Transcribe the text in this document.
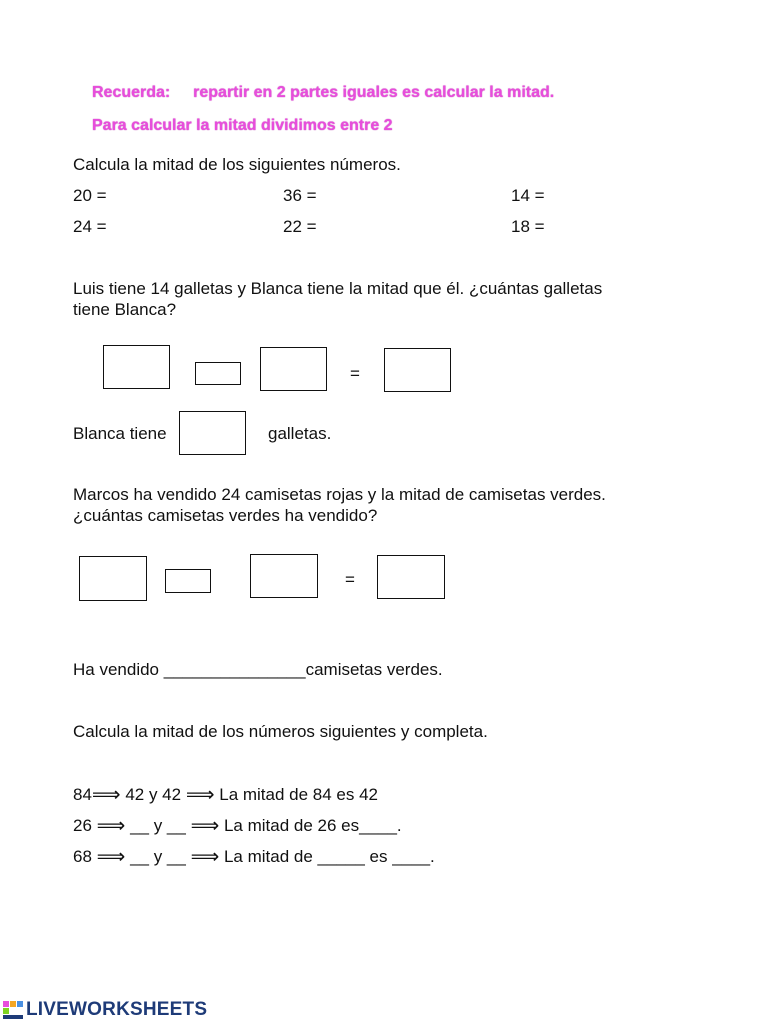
Recuerda: repartir en 2 partes iguales es calcular la mitad.
Para calcular la mitad dividimos entre 2
Calcula la mitad de los siguientes números.
20 =	36 =	14 =
24 =	22 =	18 =
Luis tiene 14 galletas y Blanca tiene la mitad que él. ¿cuántas galletas
tiene Blanca?
=
Blanca tiene	galletas.
Marcos ha vendido 24 camisetas rojas y la mitad de camisetas verdes.
¿cuántas camisetas verdes ha vendido?
=
Ha vendido _______________camisetas verdes.
Calcula la mitad de los números siguientes y completa.
84⟹ 42 y 42 ⟹ La mitad de 84 es 42
26 ⟹ __ y __ ⟹ La mitad de 26 es____.
68 ⟹ __ y __ ⟹ La mitad de _____ es ____.
LIVEWORKSHEETS
